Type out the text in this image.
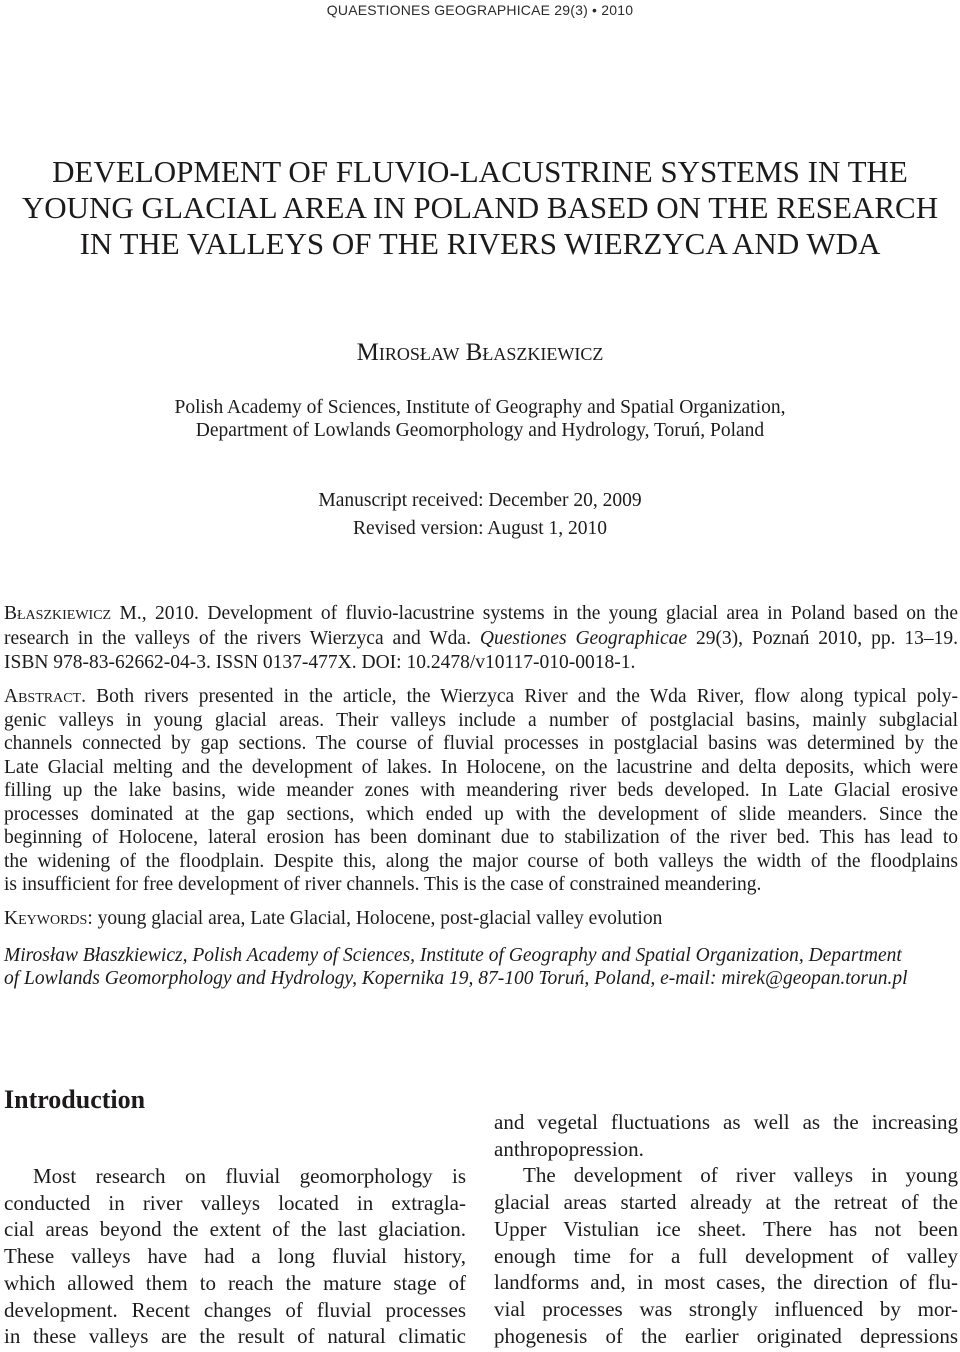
QUAESTIONES GEOGRAPHICAE 29(3) • 2010
DEVELOPMENT OF FLUVIO-LACUSTRINE SYSTEMS IN THE
YOUNG GLACIAL AREA IN POLAND BASED ON THE RESEARCH
IN THE VALLEYS OF THE RIVERS WIERZYCA AND WDA
Mirosław Błaszkiewicz
Polish Academy of Sciences, Institute of Geography and Spatial Organization,
Department of Lowlands Geomorphology and Hydrology, Toruń, Poland
Manuscript received: December 20, 2009
Revised version: August 1, 2010
Błaszkiewicz M., 2010. Development of fluvio-lacustrine systems in the young glacial area in Poland based on the
research in the valleys of the rivers Wierzyca and Wda. Questiones Geographicae 29(3), Poznań 2010, pp. 13–19.
ISBN 978-83-62662-04-3. ISSN 0137-477X. DOI: 10.2478/v10117-010-0018-1.
Abstract. Both rivers presented in the article, the Wierzyca River and the Wda River, flow along typical poly-
genic valleys in young glacial areas. Their valleys include a number of postglacial basins, mainly subglacial
channels connected by gap sections. The course of fluvial processes in postglacial basins was determined by the
Late Glacial melting and the development of lakes. In Holocene, on the lacustrine and delta deposits, which were
filling up the lake basins, wide meander zones with meandering river beds developed. In Late Glacial erosive
processes dominated at the gap sections, which ended up with the development of slide meanders. Since the
beginning of Holocene, lateral erosion has been dominant due to stabilization of the river bed. This has lead to
the widening of the floodplain. Despite this, along the major course of both valleys the width of the floodplains
is insufficient for free development of river channels. This is the case of constrained meandering.
Keywords: young glacial area, Late Glacial, Holocene, post-glacial valley evolution
Mirosław Błaszkiewicz, Polish Academy of Sciences, Institute of Geography and Spatial Organization, Department
of Lowlands Geomorphology and Hydrology, Kopernika 19, 87-100 Toruń, Poland, e-mail: mirek@geopan.torun.pl
Introduction
Most research on fluvial geomorphology is
conducted in river valleys located in extragla-
cial areas beyond the extent of the last glaciation.
These valleys have had a long fluvial history,
which allowed them to reach the mature stage of
development. Recent changes of fluvial processes
in these valleys are the result of natural climatic
and vegetal fluctuations as well as the increasing
anthropopression.
The development of river valleys in young
glacial areas started already at the retreat of the
Upper Vistulian ice sheet. There has not been
enough time for a full development of valley
landforms and, in most cases, the direction of flu-
vial processes was strongly influenced by mor-
phogenesis of the earlier originated depressions
